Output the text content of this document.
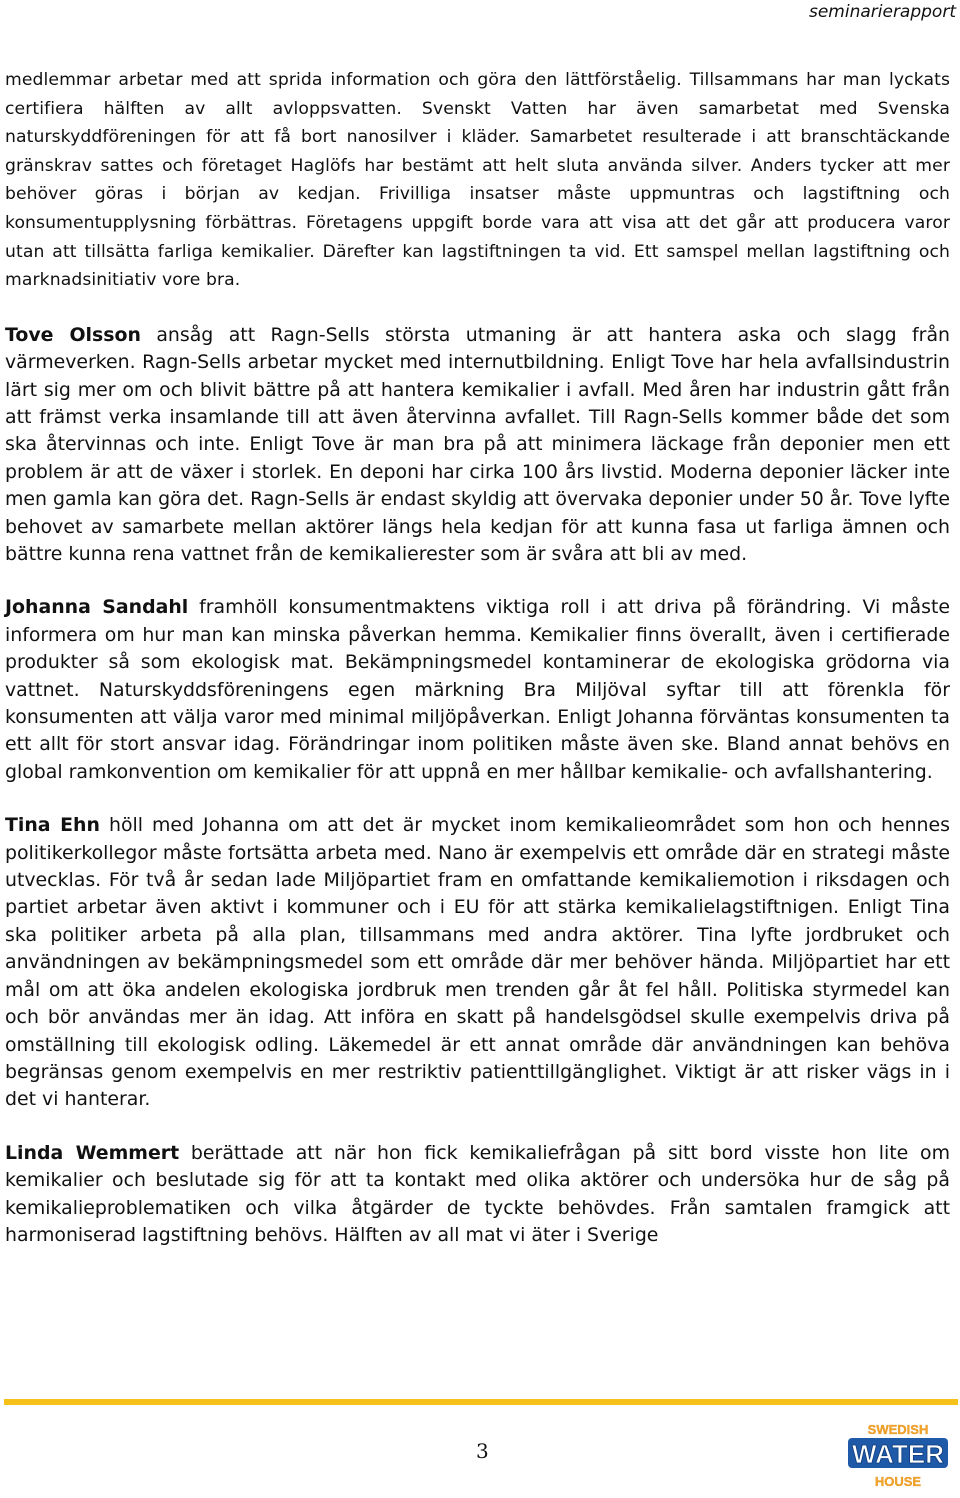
seminarierapport

medlemmar arbetar med att sprida information och göra den lättförståelig. Tillsammans har man lyckats certifiera hälften av allt avloppsvatten. Svenskt Vatten har även samarbetat med Svenska naturskyddföreningen för att få bort nanosilver i kläder. Samarbetet resulterade i att branschtäckande gränskrav sattes och företaget Haglöfs har bestämt att helt sluta använda silver. Anders tycker att mer behöver göras i början av kedjan. Frivilliga insatser måste uppmuntras och lagstiftning och konsumentupplysning förbättras. Företagens uppgift borde vara att visa att det går att producera varor utan att tillsätta farliga kemikalier. Därefter kan lagstiftningen ta vid. Ett samspel mellan lagstiftning och marknadsinitiativ vore bra.

Tove Olsson ansåg att Ragn-Sells största utmaning är att hantera aska och slagg från värmeverken. Ragn-Sells arbetar mycket med internutbildning. Enligt Tove har hela avfallsindustrin lärt sig mer om och blivit bättre på att hantera kemikalier i avfall. Med åren har industrin gått från att främst verka insamlande till att även återvinna avfallet. Till Ragn-Sells kommer både det som ska återvinnas och inte. Enligt Tove är man bra på att minimera läckage från deponier men ett problem är att de växer i storlek. En deponi har cirka 100 års livstid. Moderna deponier läcker inte men gamla kan göra det. Ragn-Sells är endast skyldig att övervaka deponier under 50 år. Tove lyfte behovet av samarbete mellan aktörer längs hela kedjan för att kunna fasa ut farliga ämnen och bättre kunna rena vattnet från de kemikalierester som är svåra att bli av med.

Johanna Sandahl framhöll konsumentmaktens viktiga roll i att driva på förändring. Vi måste informera om hur man kan minska påverkan hemma. Kemikalier finns överallt, även i certifierade produkter så som ekologisk mat. Bekämpningsmedel kontaminerar de ekologiska grödorna via vattnet. Naturskyddsföreningens egen märkning Bra Miljöval syftar till att förenkla för konsumenten att välja varor med minimal miljöpåverkan. Enligt Johanna förväntas konsumenten ta ett allt för stort ansvar idag. Förändringar inom politiken måste även ske. Bland annat behövs en global ramkonvention om kemikalier för att uppnå en mer hållbar kemikalie- och avfallshantering.

Tina Ehn höll med Johanna om att det är mycket inom kemikalieområdet som hon och hennes politikerkollegor måste fortsätta arbeta med. Nano är exempelvis ett område där en strategi måste utvecklas. För två år sedan lade Miljöpartiet fram en omfattande kemikaliemotion i riksdagen och partiet arbetar även aktivt i kommuner och i EU för att stärka kemikalielagstiftnigen. Enligt Tina ska politiker arbeta på alla plan, tillsammans med andra aktörer. Tina lyfte jordbruket och användningen av bekämpningsmedel som ett område där mer behöver hända. Miljöpartiet har ett mål om att öka andelen ekologiska jordbruk men trenden går åt fel håll. Politiska styrmedel kan och bör användas mer än idag. Att införa en skatt på handelsgödsel skulle exempelvis driva på omställning till ekologisk odling. Läkemedel är ett annat område där användningen kan behöva begränsas genom exempelvis en mer restriktiv patienttillgänglighet. Viktigt är att risker vägs in i det vi hanterar.

Linda Wemmert berättade att när hon fick kemikaliefrågan på sitt bord visste hon lite om kemikalier och beslutade sig för att ta kontakt med olika aktörer och undersöka hur de såg på kemikalieproblematiken och vilka åtgärder de tyckte behövdes. Från samtalen framgick att harmoniserad lagstiftning behövs. Hälften av all mat vi äter i Sverige

3
SWEDISH
WATER
HOUSE
